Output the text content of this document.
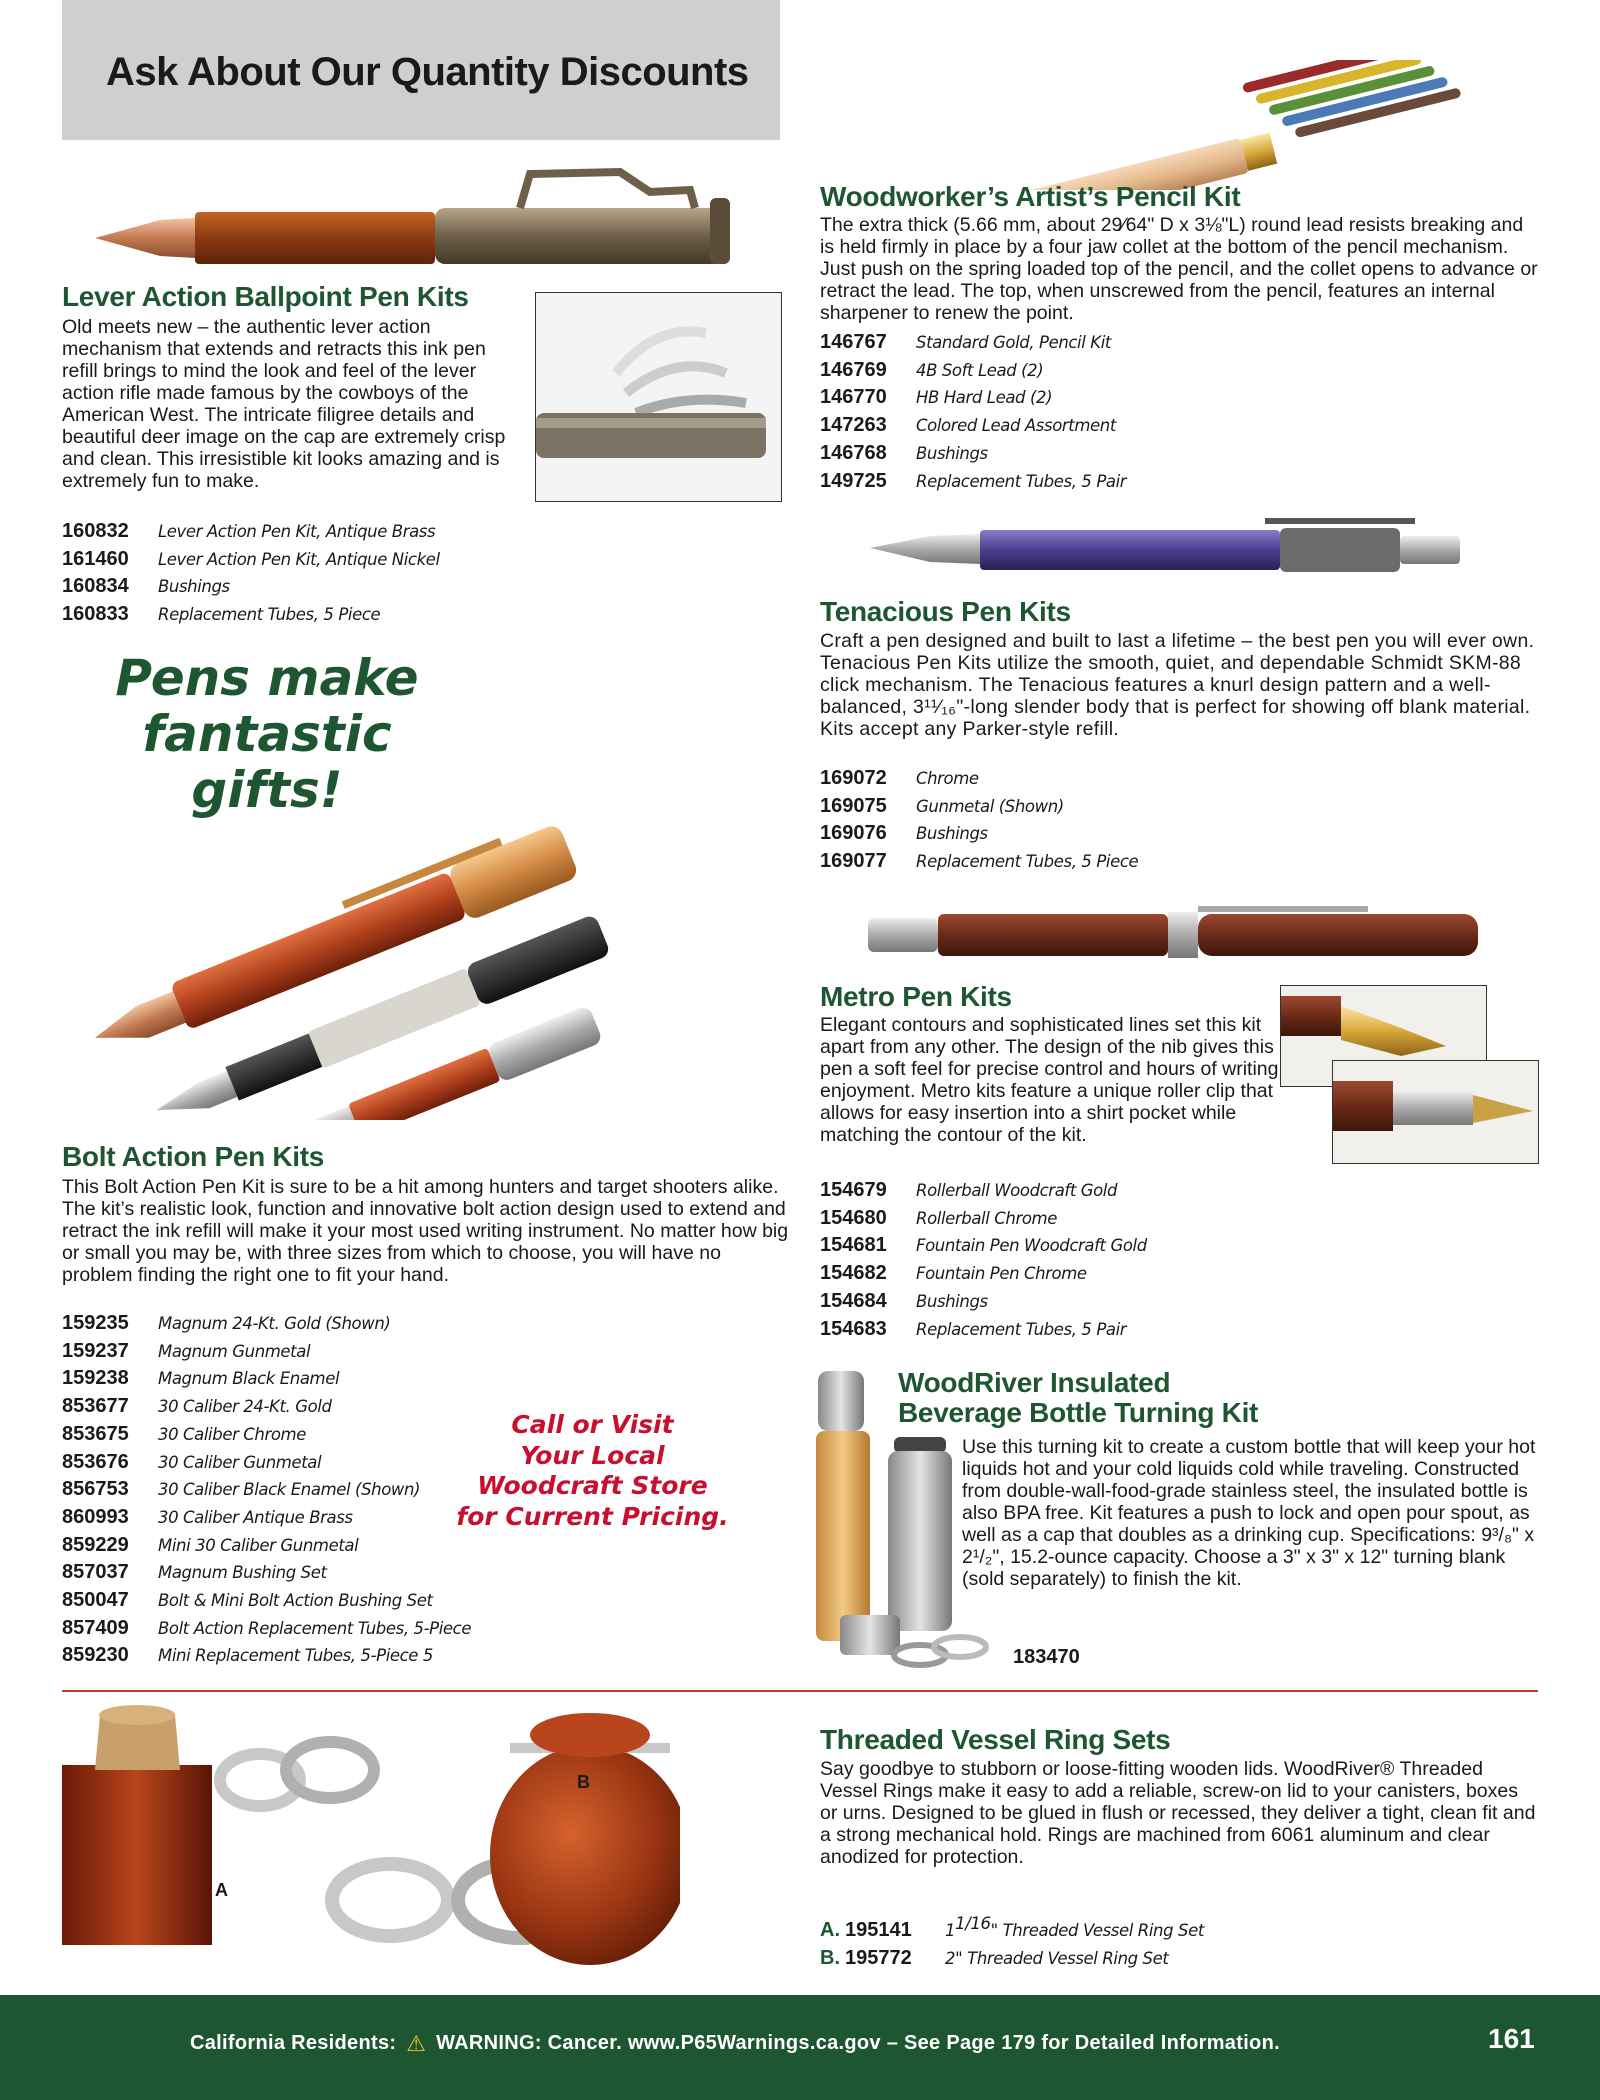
Ask About Our Quantity Discounts
Lever Action Ballpoint Pen Kits
Old meets new – the authentic lever action mechanism that extends and retracts this ink pen refill brings to mind the look and feel of the lever action rifle made famous by the cowboys of the American West. The intricate filigree details and beautiful deer image on the cap are extremely crisp and clean. This irresistible kit looks amazing and is extremely fun to make.
160832 Lever Action Pen Kit, Antique Brass
161460 Lever Action Pen Kit, Antique Nickel
160834 Bushings
160833 Replacement Tubes, 5 Piece
Pens make
fantastic gifts!
Bolt Action Pen Kits
This Bolt Action Pen Kit is sure to be a hit among hunters and target shooters alike. The kit’s realistic look, function and innovative bolt action design used to extend and retract the ink refill will make it your most used writing instrument. No matter how big or small you may be, with three sizes from which to choose, you will have no problem finding the right one to fit your hand.
159235 Magnum 24-Kt. Gold (Shown)
159237 Magnum Gunmetal
159238 Magnum Black Enamel
853677 30 Caliber 24-Kt. Gold
853675 30 Caliber Chrome
853676 30 Caliber Gunmetal
856753 30 Caliber Black Enamel (Shown)
860993 30 Caliber Antique Brass
859229 Mini 30 Caliber Gunmetal
857037 Magnum Bushing Set
850047 Bolt & Mini Bolt Action Bushing Set
857409 Bolt Action Replacement Tubes, 5-Piece
859230 Mini Replacement Tubes, 5-Piece 5
Call or Visit
Your Local
Woodcraft Store
for Current Pricing.
Woodworker’s Artist’s Pencil Kit
The extra thick (5.66 mm, about 29⁄64" D x 3⅛"L) round lead resists breaking and is held firmly in place by a four jaw collet at the bottom of the pencil mechanism. Just push on the spring loaded top of the pencil, and the collet opens to advance or retract the lead. The top, when unscrewed from the pencil, features an internal sharpener to renew the point.
146767 Standard Gold, Pencil Kit
146769 4B Soft Lead (2)
146770 HB Hard Lead (2)
147263 Colored Lead Assortment
146768 Bushings
149725 Replacement Tubes, 5 Pair
Tenacious Pen Kits
Craft a pen designed and built to last a lifetime – the best pen you will ever own. Tenacious Pen Kits utilize the smooth, quiet, and dependable Schmidt SKM-88 click mechanism. The Tenacious features a knurl design pattern and a well-balanced, 3¹¹⁄₁₆"-long slender body that is perfect for showing off blank material. Kits accept any Parker-style refill.
169072 Chrome
169075 Gunmetal (Shown)
169076 Bushings
169077 Replacement Tubes, 5 Piece
Metro Pen Kits
Elegant contours and sophisticated lines set this kit apart from any other. The design of the nib gives this pen a soft feel for precise control and hours of writing enjoyment. Metro kits feature a unique roller clip that allows for easy insertion into a shirt pocket while matching the contour of the kit.
154679 Rollerball Woodcraft Gold
154680 Rollerball Chrome
154681 Fountain Pen Woodcraft Gold
154682 Fountain Pen Chrome
154684 Bushings
154683 Replacement Tubes, 5 Pair
WoodRiver Insulated
Beverage Bottle Turning Kit
Use this turning kit to create a custom bottle that will keep your hot liquids hot and your cold liquids cold while traveling. Constructed from double-wall-food-grade stainless steel, the insulated bottle is also BPA free. Kit features a push to lock and open pour spout, as well as a cap that doubles as a drinking cup. Specifications: 9³/₈" x 2¹/₂", 15.2-ounce capacity. Choose a 3" x 3" x 12" turning blank (sold separately) to finish the kit.
183470
A
B
Threaded Vessel Ring Sets
Say goodbye to stubborn or loose-fitting wooden lids. WoodRiver® Threaded Vessel Rings make it easy to add a reliable, screw-on lid to your canisters, boxes or urns. Designed to be glued in flush or recessed, they deliver a tight, clean fit and a strong mechanical hold. Rings are machined from 6061 aluminum and clear anodized for protection.
A. 195141 11/16" Threaded Vessel Ring Set
B. 195772 2" Threaded Vessel Ring Set
California Residents: ⚠ WARNING: Cancer. www.P65Warnings.ca.gov – See Page 179 for Detailed Information.	161
